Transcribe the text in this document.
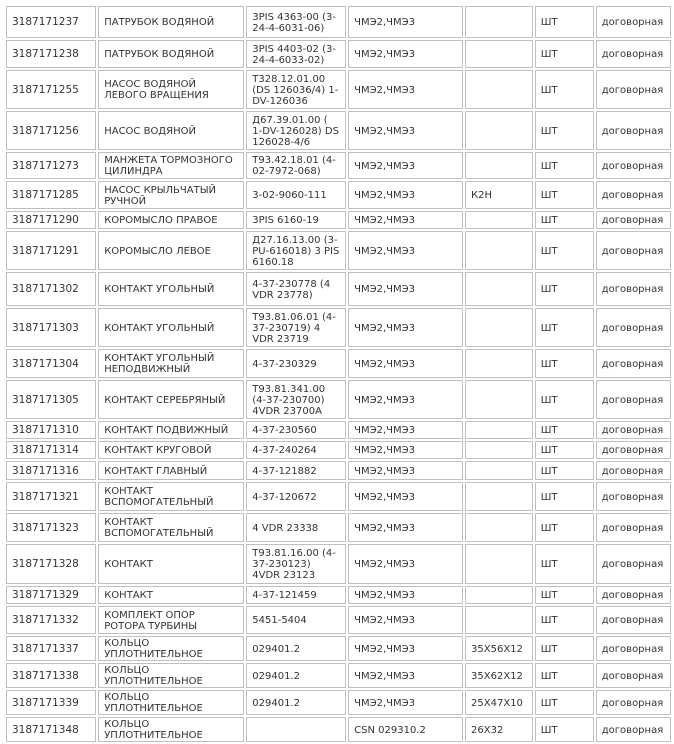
3187171237	ПАТРУБОК ВОДЯНОЙ	3PIS 4363-00 (3-24-4-6031-06)	ЧМЭ2,ЧМЭ3		ШТ	договорная
3187171238	ПАТРУБОК ВОДЯНОЙ	3PIS 4403-02 (3-24-4-6033-02)	ЧМЭ2,ЧМЭ3		ШТ	договорная
3187171255	НАСОС ВОДЯНОЙ ЛЕВОГО ВРАЩЕНИЯ	Т328.12.01.00 (DS 126036/4) 1-DV-126036	ЧМЭ2,ЧМЭ3		ШТ	договорная
3187171256	НАСОС ВОДЯНОЙ	Д67.39.01.00 ( 1-DV-126028) DS 126028-4/6	ЧМЭ2,ЧМЭ3		ШТ	договорная
3187171273	МАНЖЕТА ТОРМОЗНОГО ЦИЛИНДРА	Т93.42.18.01 (4-02-7972-068)	ЧМЭ2,ЧМЭ3		ШТ	договорная
3187171285	НАСОС КРЫЛЬЧАТЫЙ РУЧНОЙ	3-02-9060-111	ЧМЭ2,ЧМЭ3	К2Н	ШТ	договорная
3187171290	КОРОМЫСЛО ПРАВОЕ	3PIS 6160-19	ЧМЭ2,ЧМЭ3		ШТ	договорная
3187171291	КОРОМЫСЛО ЛЕВОЕ	Д27.16.13.00 (3-PU-616018) 3 PIS 6160.18	ЧМЭ2,ЧМЭ3		ШТ	договорная
3187171302	КОНТАКТ УГОЛЬНЫЙ	4-37-230778 (4 VDR 23778)	ЧМЭ2,ЧМЭ3		ШТ	договорная
3187171303	КОНТАКТ УГОЛЬНЫЙ	Т93.81.06.01 (4-37-230719) 4 VDR 23719	ЧМЭ2,ЧМЭ3		ШТ	договорная
3187171304	КОНТАКТ УГОЛЬНЫЙ НЕПОДВИЖНЫЙ	4-37-230329	ЧМЭ2,ЧМЭ3		ШТ	договорная
3187171305	КОНТАКТ СЕРЕБРЯНЫЙ	Т93.81.341.00 (4-37-230700) 4VDR 23700А	ЧМЭ2,ЧМЭ3		ШТ	договорная
3187171310	КОНТАКТ ПОДВИЖНЫЙ	4-37-230560	ЧМЭ2,ЧМЭ3		ШТ	договорная
3187171314	КОНТАКТ КРУГОВОЙ	4-37-240264	ЧМЭ2,ЧМЭ3		ШТ	договорная
3187171316	КОНТАКТ ГЛАВНЫЙ	4-37-121882	ЧМЭ2,ЧМЭ3		ШТ	договорная
3187171321	КОНТАКТ ВСПОМОГАТЕЛЬНЫЙ	4-37-120672	ЧМЭ2,ЧМЭ3		ШТ	договорная
3187171323	КОНТАКТ ВСПОМОГАТЕЛЬНЫЙ	4 VDR 23338	ЧМЭ2,ЧМЭ3		ШТ	договорная
3187171328	КОНТАКТ	Т93.81.16.00 (4-37-230123) 4VDR 23123	ЧМЭ2,ЧМЭ3		ШТ	договорная
3187171329	КОНТАКТ	4-37-121459	ЧМЭ2,ЧМЭ3		ШТ	договорная
3187171332	КОМПЛЕКТ ОПОР РОТОРА ТУРБИНЫ	5451-5404	ЧМЭ2,ЧМЭ3		ШТ	договорная
3187171337	КОЛЬЦО УПЛОТНИТЕЛЬНОЕ	029401.2	ЧМЭ2,ЧМЭ3	35X56X12	ШТ	договорная
3187171338	КОЛЬЦО УПЛОТНИТЕЛЬНОЕ	029401.2	ЧМЭ2,ЧМЭ3	35X62X12	ШТ	договорная
3187171339	КОЛЬЦО УПЛОТНИТЕЛЬНОЕ	029401.2	ЧМЭ2,ЧМЭ3	25X47X10	ШТ	договорная
3187171348	КОЛЬЦО УПЛОТНИТЕЛЬНОЕ		CSN 029310.2	26X32	ШТ	договорная
